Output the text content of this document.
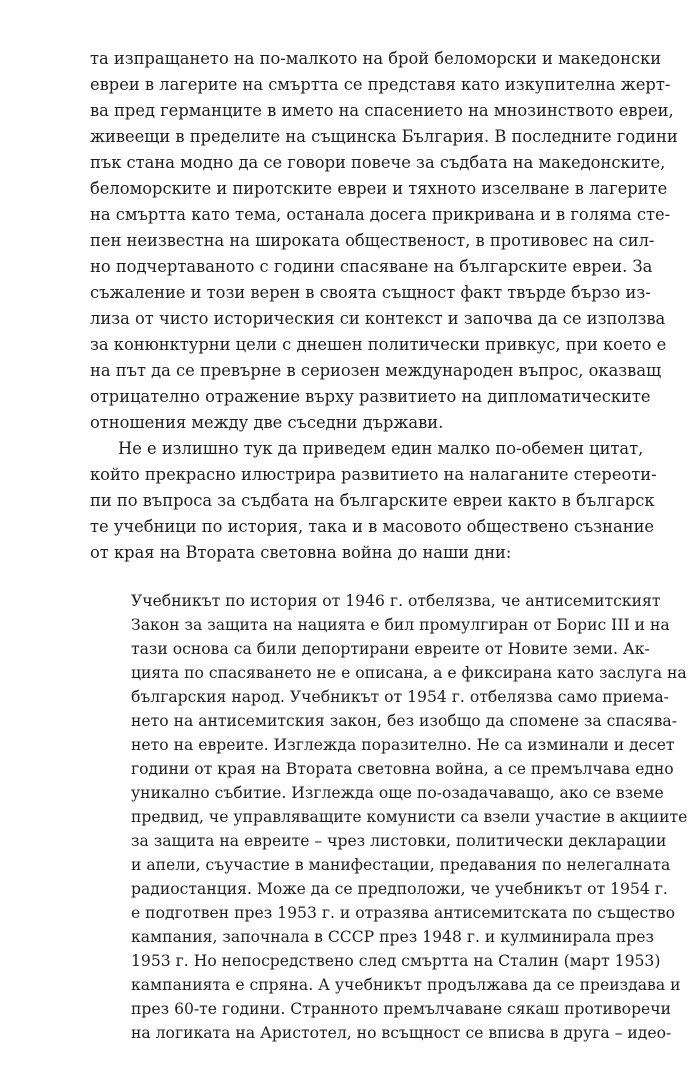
та изпращането на по-малкото на брой беломорски и македонски

евреи в лагерите на смъртта се представя като изкупителна жерт-

ва пред германците в името на спасението на мнозинството евреи,

живеещи в пределите на същинска България. В последните години

пък стана модно да се говори повече за съдбата на македонските,

беломорските и пиротските евреи и тяхното изселване в лагерите

на смъртта като тема, останала досега прикривана и в голяма сте-

пен неизвестна на широката общественост, в противовес на сил-

но подчертаваното с години спасяване на българските евреи. За

съжаление и този верен в своята същност факт твърде бързо из-

лиза от чисто историческия си контекст и започва да се използва

за конюнктурни цели с днешен политически привкус, при което е

на път да се превърне в сериозен международен въпрос, оказващ

отрицателно отражение върху развитието на дипломатическите

отношения между две съседни държави.

Не е излишно тук да приведем един малко по-обемен цитат,

който прекрасно илюстрира развитието на налаганите стереоти-

пи по въпроса за съдбата на българските евреи както в българск

те учебници по история, така и в масовото обществено съзнание

от края на Втората световна война до наши дни:

Учебникът по история от 1946 г. отбелязва, че антисемитският

Закон за защита на нацията е бил промулгиран от Борис III и на

тази основа са били депортирани евреите от Новите земи. Ак-

цията по спасяването не е описана, а е фиксирана като заслуга на

българския народ. Учебникът от 1954 г. отбелязва само приема-

нето на антисемитския закон, без изобщо да спомене за спасява-

нето на евреите. Изглежда поразително. Не са изминали и десет

години от края на Втората световна война, а се премълчава едно

уникално събитие. Изглежда още по-озадачаващо, ако се вземе

предвид, че управляващите комунисти са взели участие в акциите

за защита на евреите – чрез листовки, политически декларации

и апели, съучастие в манифестации, предавания по нелегалната

радиостанция. Може да се предположи, че учебникът от 1954 г.

е подготвен през 1953 г. и отразява антисемитската по същество

кампания, започнала в СССР през 1948 г. и кулминирала през

1953 г. Но непосредствено след смъртта на Сталин (март 1953)

кампанията е спряна. А учебникът продължава да се преиздава и

през 60-те години. Странното премълчаване сякаш противоречи

на логиката на Аристотел, но всъщност се вписва в друга – идео-
